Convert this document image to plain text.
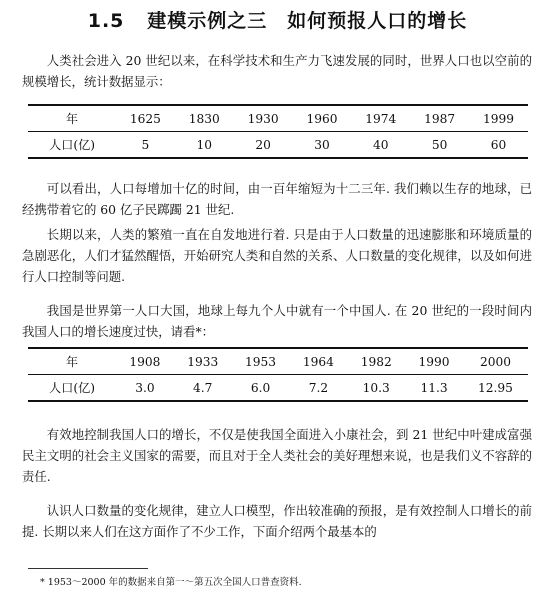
1.5 建模示例之三　如何预报人口的增长

人类社会进入 20 世纪以来，在科学技术和生产力飞速发展的同时，世界人口也以空前的规模增长，统计数据显示：

年	1625	1830	1930	1960	1974	1987	1999
人口(亿)	5	10	20	30	40	50	60

可以看出，人口每增加十亿的时间，由一百年缩短为十二三年. 我们赖以生存的地球，已经携带着它的 60 亿子民踯躅 21 世纪.

长期以来，人类的繁殖一直在自发地进行着. 只是由于人口数量的迅速膨胀和环境质量的急剧恶化，人们才猛然醒悟，开始研究人类和自然的关系、人口数量的变化规律，以及如何进行人口控制等问题.

我国是世界第一人口大国，地球上每九个人中就有一个中国人. 在 20 世纪的一段时间内我国人口的增长速度过快，请看*：

年	1908	1933	1953	1964	1982	1990	2000
人口(亿)	3.0	4.7	6.0	7.2	10.3	11.3	12.95

有效地控制我国人口的增长，不仅是使我国全面进入小康社会，到 21 世纪中叶建成富强民主文明的社会主义国家的需要，而且对于全人类社会的美好理想来说，也是我们义不容辞的责任.

认识人口数量的变化规律，建立人口模型，作出较准确的预报，是有效控制人口增长的前提. 长期以来人们在这方面作了不少工作，下面介绍两个最基本的

* 1953～2000 年的数据来自第一～第五次全国人口普查资料.
